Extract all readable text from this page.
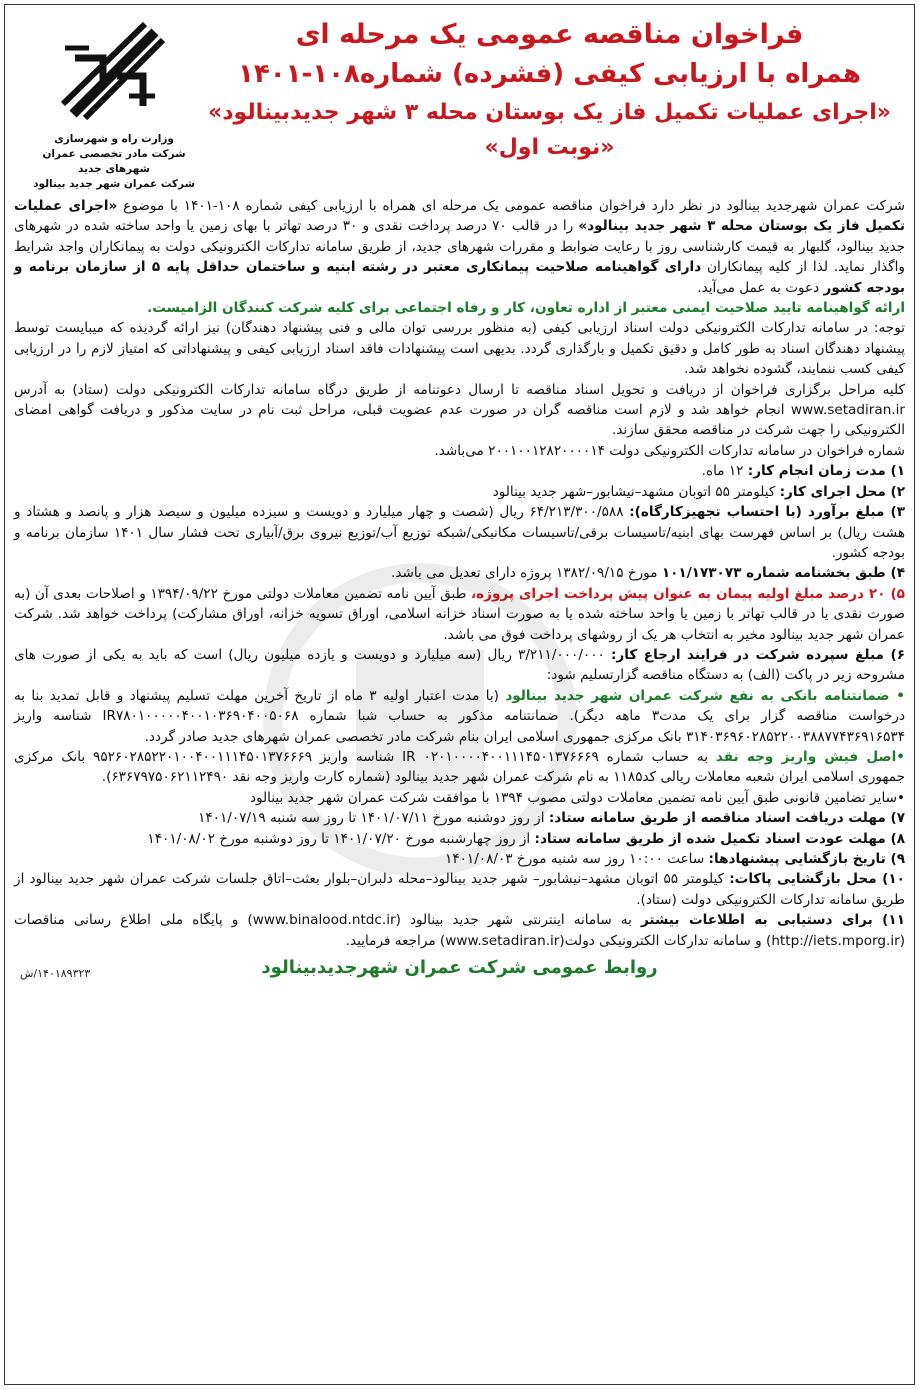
وزارت راه و شهرسازی
شرکت مادر تخصصی عمران شهرهای جدید
شرکت عمران شهر جدید بینالود
فراخوان مناقصه عمومی یک مرحله ای
همراه با ارزیابی کیفی (فشرده) شماره۱۰۸-۱۴۰۱
«اجرای عملیات تکمیل فاز یک بوستان محله ۳ شهر جدیدبینالود»
«نوبت اول»

شرکت عمران شهرجدید بینالود در نظر دارد فراخوان مناقصه عمومی یک مرحله ای همراه با ارزیابی کیفی شماره ۱۰۸-۱۴۰۱ با موضوع «اجرای عملیات تکمیل فاز یک بوستان محله ۳ شهر جدید بینالود» را در قالب ۷۰ درصد پرداخت نقدی و ۳۰ درصد تهاتر با بهای زمین یا واحد ساخته شده در شهرهای جدید بینالود، گلبهار به قیمت کارشناسی روز با رعایت ضوابط و مقررات شهرهای جدید، از طریق سامانه تدارکات الکترونیکی دولت به پیمانکاران واجد شرایط واگذار نماید. لذا از کلیه پیمانکاران دارای گواهینامه صلاحیت پیمانکاری معتبر در رشته ابنیه و ساختمان حداقل پایه ۵ از سازمان برنامه و بودجه کشور دعوت به عمل می‌آید.

ارائه گواهینامه تایید صلاحیت ایمنی معتبر از اداره تعاون، کار و رفاه اجتماعی برای کلیه شرکت کنندگان الزامیست.

توجه: در سامانه تدارکات الکترونیکی دولت اسناد ارزیابی کیفی (به منظور بررسی توان مالی و فنی پیشنهاد دهندگان) نیز ارائه گردیده که میبایست توسط پیشنهاد دهندگان اسناد به طور کامل و دقیق تکمیل و بارگذاری گردد. بدیهی است پیشنهادات فاقد اسناد ارزیابی کیفی و پیشنهاداتی که امتیاز لازم را در ارزیابی کیفی کسب ننمایند، گشوده نخواهد شد.

کلیه مراحل برگزاری فراخوان از دریافت و تحویل اسناد مناقصه تا ارسال دعوتنامه از طریق درگاه سامانه تدارکات الکترونیکی دولت (ستاد) به آدرس www.setadiran.ir انجام خواهد شد و لازم است مناقصه گران در صورت عدم عضویت قبلی، مراحل ثبت نام در سایت مذکور و دریافت گواهی امضای الکترونیکی را جهت شرکت در مناقصه محقق سازند.

شماره فراخوان در سامانه تدارکات الکترونیکی دولت ۲۰۰۱۰۰۱۲۸۲۰۰۰۰۱۴ می‌باشد.

۱) مدت زمان انجام کار: ۱۲ ماه.

۲) محل اجرای کار: کیلومتر ۵۵ اتوبان مشهد–نیشابور–شهر جدید بینالود

۳) مبلغ برآورد (با احتساب تجهیزکارگاه): ۶۴/۲۱۳/۳۰۰/۵۸۸ ریال (شصت و چهار میلیارد و دویست و سیزده میلیون و سیصد هزار و پانصد و هشتاد و هشت ریال) بر اساس فهرست بهای ابنیه/تاسیسات برقی/تاسیسات مکانیکی/شبکه توزیع آب/توزیع نیروی برق/آبیاری تحت فشار سال ۱۴۰۱ سازمان برنامه و بودجه کشور.

۴) طبق بخشنامه شماره ۱۰۱/۱۷۳۰۷۳ مورخ ۱۳۸۲/۰۹/۱۵ پروژه دارای تعدیل می باشد.

۵) ۲۰ درصد مبلغ اولیه پیمان به عنوان پیش پرداخت اجرای پروژه، طبق آیین نامه تضمین معاملات دولتی مورخ ۱۳۹۴/۰۹/۲۲ و اصلاحات بعدی آن (به صورت نقدی یا در قالب تهاتر با زمین یا واحد ساخته شده یا به صورت اسناد خزانه اسلامی، اوراق تسویه خزانه، اوراق مشارکت) پرداخت خواهد شد. شرکت عمران شهر جدید بینالود مخیر به انتخاب هر یک از روشهای پرداخت فوق می باشد.

۶) مبلغ سپرده شرکت در فرایند ارجاع کار: ۳/۲۱۱/۰۰۰/۰۰۰ ریال (سه میلیارد و دویست و یازده میلیون ریال) است که باید به یکی از صورت های مشروحه زیر در پاکت (الف) به دستگاه مناقصه گزارتسلیم شود:

• ضمانتنامه بانکی به نفع شرکت عمران شهر جدید بینالود (با مدت اعتبار اولیه ۳ ماه از تاریخ آخرین مهلت تسلیم پیشنهاد و قابل تمدید بنا به درخواست مناقصه گزار برای یک مدت۳ ماهه دیگر). ضمانتنامه مذکور به حساب شبا شماره IR۷۸۰۱۰۰۰۰۰۴۰۰۱۰۳۶۹۰۴۰۰۵۰۶۸ شناسه واریز ۳۱۴۰۳۶۹۶۰۲۸۵۲۲۰۰۳۸۸۷۷۴۳۶۹۱۶۵۳۴ بانک مرکزی جمهوری اسلامی ایران بنام شرکت مادر تخصصی عمران شهرهای جدید صادر گردد.

•اصل فیش واریز وجه نقد به حساب شماره ۰۲۰۱۰۰۰۰۴۰۰۱۱۱۴۵۰۱۳۷۶۶۶۹ IR شناسه واریز ۹۵۲۶۰۲۸۵۲۲۰۱۰۰۴۰۰۱۱۱۴۵۰۱۳۷۶۶۶۹ بانک مرکزی جمهوری اسلامی ایران شعبه معاملات ریالی کد۱۱۸۵ به نام شرکت عمران شهر جدید بینالود (شماره کارت واریز وجه نقد ۶۳۶۷۹۷۵۰۶۲۱۱۲۴۹۰).

•سایر تضامین قانونی طبق آیین نامه تضمین معاملات دولتی مصوب ۱۳۹۴ با موافقت شرکت عمران شهر جدید بینالود

۷) مهلت دریافت اسناد مناقصه از طریق سامانه ستاد: از روز دوشنبه مورخ ۱۴۰۱/۰۷/۱۱ تا روز سه شنبه ۱۴۰۱/۰۷/۱۹

۸) مهلت عودت اسناد تکمیل شده از طریق سامانه ستاد: از روز چهارشنبه مورخ ۱۴۰۱/۰۷/۲۰ تا روز دوشنبه مورخ ۱۴۰۱/۰۸/۰۲

۹) تاریخ بازگشایی پیشنهادها: ساعت ۱۰:۰۰ روز سه شنبه مورخ ۱۴۰۱/۰۸/۰۳

۱۰) محل بازگشایی پاکات: کیلومتر ۵۵ اتوبان مشهد–نیشابور– شهر جدید بینالود–محله دلبران–بلوار بعثت–اتاق جلسات شرکت عمران شهر جدید بینالود از طریق سامانه تدارکات الکترونیکی دولت (ستاد).

۱۱) برای دستیابی به اطلاعات بیشتر به سامانه اینترنتی شهر جدید بینالود (www.binalood.ntdc.ir) و پایگاه ملی اطلاع رسانی مناقصات (http://iets.mporg.ir) و سامانه تدارکات الکترونیکی دولت(www.setadiran.ir) مراجعه فرمایید.

روابط عمومی شرکت عمران شهرجدیدبینالود
۱۴۰۱۸۹۳۲۳/ش
